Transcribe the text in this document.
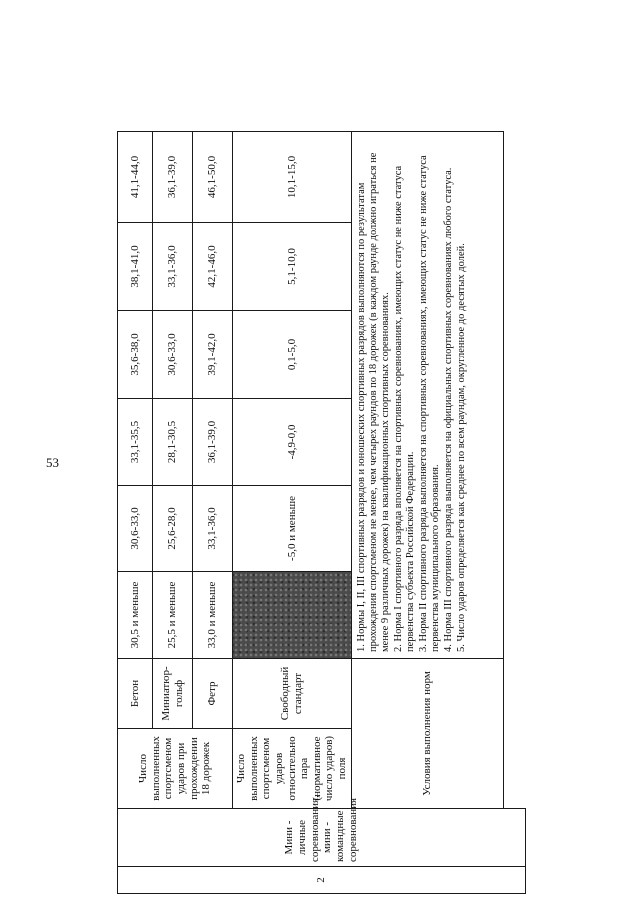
53
2	Мини - личные соревнования, мини - командные соревнования	Число выполненных спортсменом ударов при прохождении 18 дорожек	Бетон	30,5 и меньше	30,6-33,0	33,1-35,5	35,6-38,0	38,1-41,0	41,1-44,0
			Миниатюр-гольф	25,5 и меньше	25,6-28,0	28,1-30,5	30,6-33,0	33,1-36,0	36,1-39,0
			Фетр	33,0 и меньше	33,1-36,0	36,1-39,0	39,1-42,0	42,1-46,0	46,1-50,0
		Число выполненных спортсменом ударов относительно пара (нормативное число ударов) поля	Свободный стандарт		-5,0 и меньше	-4,9-0,0	0,1-5,0	5,1-10,0	10,1-15,0
		Условия выполнения норм		1. Нормы I, II, III спортивных разрядов и юношеских спортивных разрядов выполняются по результатам прохождения спортсменом не менее, чем четырех раундов по 18 дорожек (в каждом раунде должно играться не менее 9 различных дорожек) на квалификационных спортивных соревнованиях. 2. Норма I спортивного разряда вполняется на спортивных соревнованиях, имеющих статус не ниже статуса первенства субъекта Российской Федерации. 3. Норма II спортивного разряда выполняется на спортивных соревнованиях, имеющих статус не ниже статуса первенства муниципального образования. 4. Норма III спортивного разряда выполняется на официальных спортивных соревнованиях любого статуса. 5. Число ударов определяется как среднее по всем раундам, округленное до десятых долей.					
